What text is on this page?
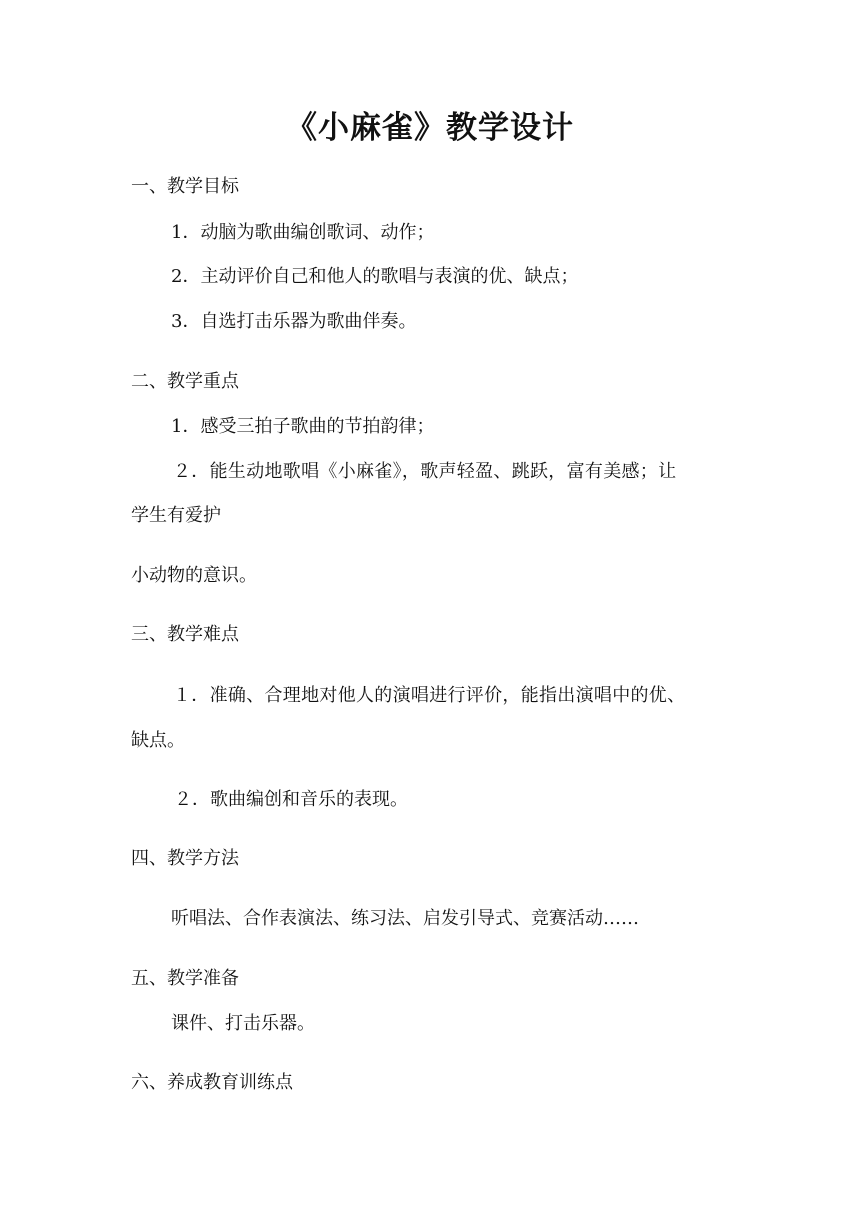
《小麻雀》教学设计
一、教学目标
1．动脑为歌曲编创歌词、动作；
2．主动评价自己和他人的歌唱与表演的优、缺点；
3．自选打击乐器为歌曲伴奏。
二、教学重点
1．感受三拍子歌曲的节拍韵律；
２．能生动地歌唱《小麻雀》，歌声轻盈、跳跃，富有美感；让
学生有爱护
小动物的意识。
三、教学难点
１．准确、合理地对他人的演唱进行评价，能指出演唱中的优、
缺点。
２．歌曲编创和音乐的表现。
四、教学方法
听唱法、合作表演法、练习法、启发引导式、竞赛活动……
五、教学准备
课件、打击乐器。
六、养成教育训练点
